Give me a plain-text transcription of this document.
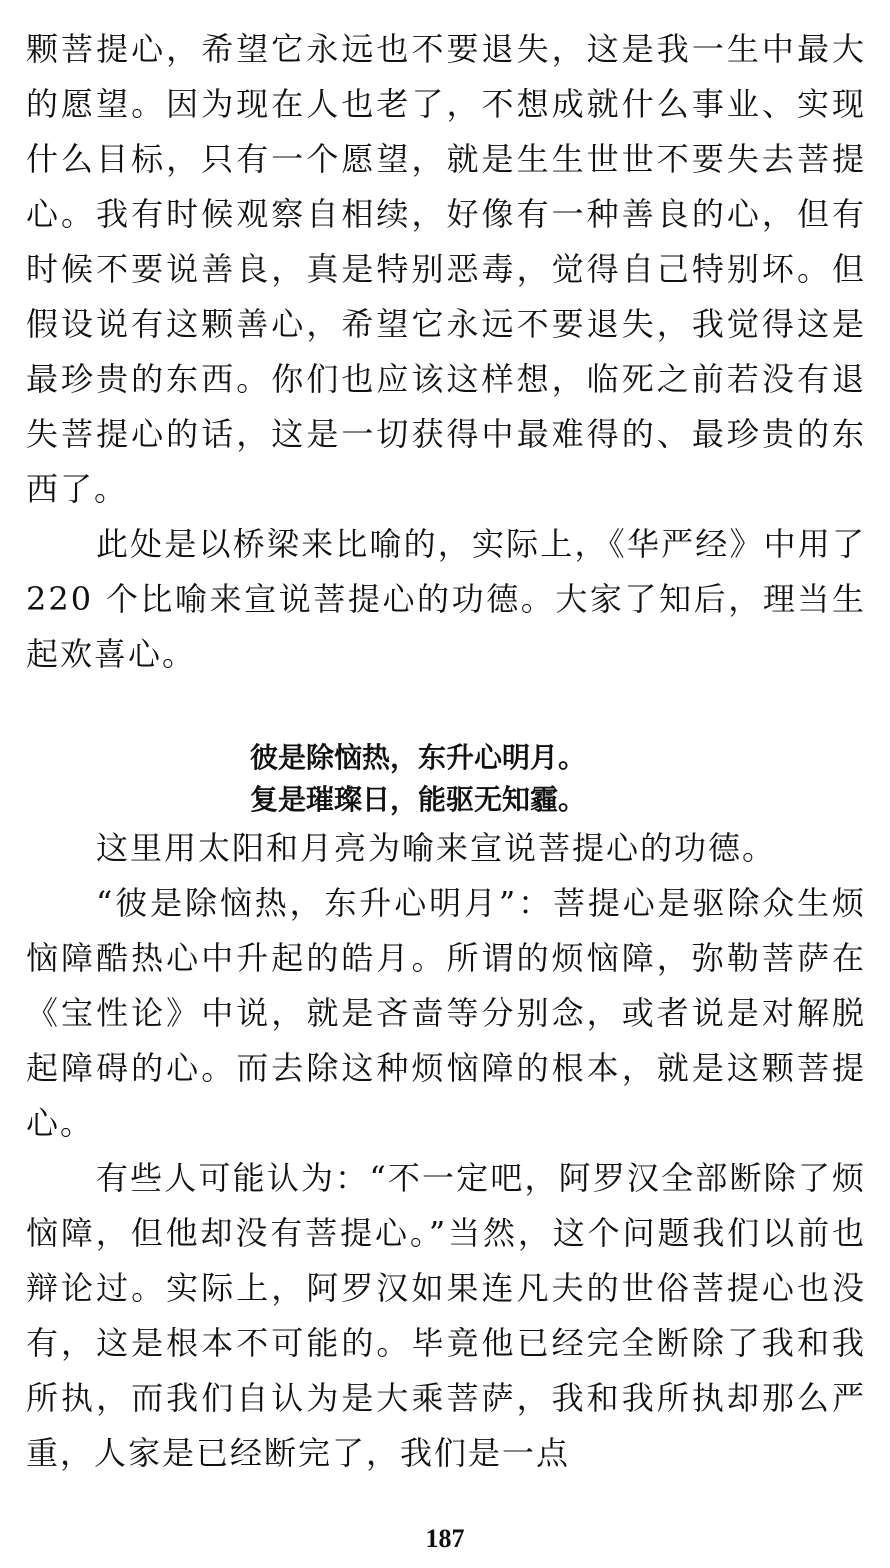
颗菩提心，希望它永远也不要退失，这是我一生中最大的愿望。因为现在人也老了，不想成就什么事业、实现什么目标，只有一个愿望，就是生生世世不要失去菩提心。我有时候观察自相续，好像有一种善良的心，但有时候不要说善良，真是特别恶毒，觉得自己特别坏。但假设说有这颗善心，希望它永远不要退失，我觉得这是最珍贵的东西。你们也应该这样想，临死之前若没有退失菩提心的话，这是一切获得中最难得的、最珍贵的东西了。

此处是以桥梁来比喻的，实际上，《华严经》中用了 220 个比喻来宣说菩提心的功德。大家了知后，理当生起欢喜心。

彼是除恼热，东升心明月。
复是璀璨日，能驱无知霾。

这里用太阳和月亮为喻来宣说菩提心的功德。

“彼是除恼热，东升心明月”：菩提心是驱除众生烦恼障酷热心中升起的皓月。所谓的烦恼障，弥勒菩萨在《宝性论》中说，就是吝啬等分别念，或者说是对解脱起障碍的心。而去除这种烦恼障的根本，就是这颗菩提心。

有些人可能认为：“不一定吧，阿罗汉全部断除了烦恼障，但他却没有菩提心。”当然，这个问题我们以前也辩论过。实际上，阿罗汉如果连凡夫的世俗菩提心也没有，这是根本不可能的。毕竟他已经完全断除了我和我所执，而我们自认为是大乘菩萨，我和我所执却那么严重，人家是已经断完了，我们是一点

187
